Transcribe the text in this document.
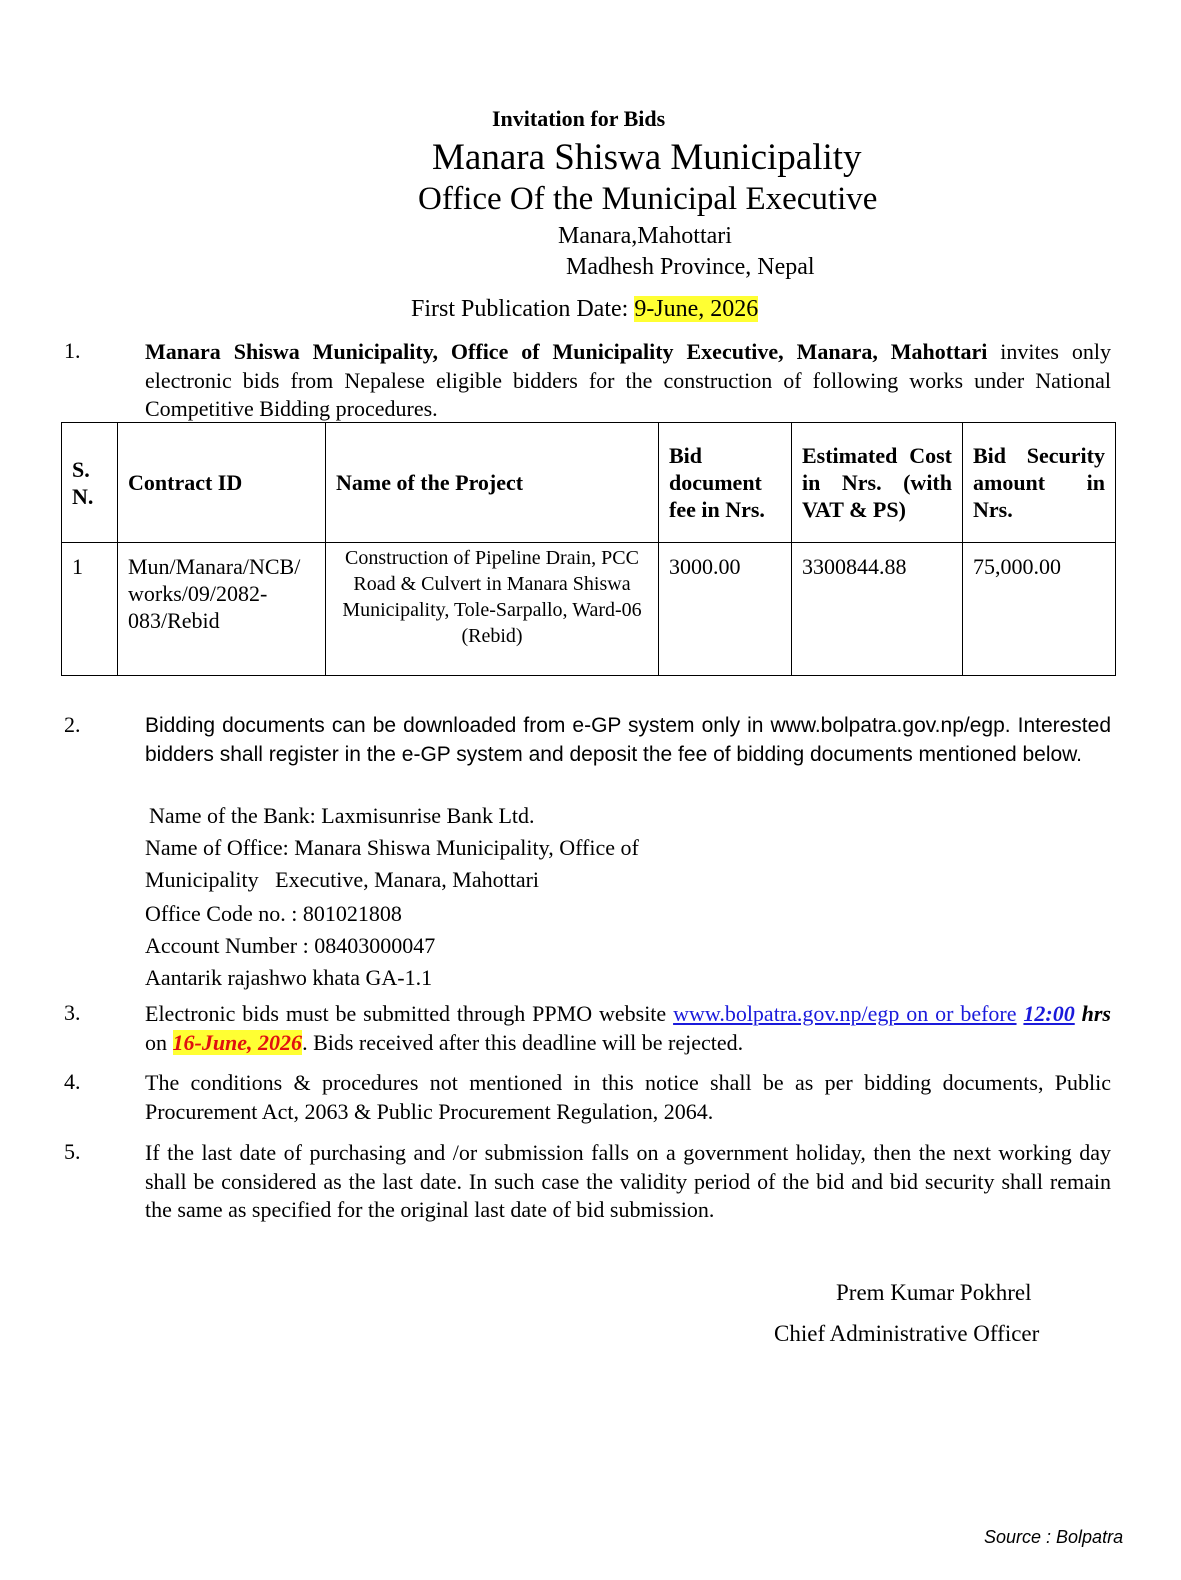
Invitation for Bids
Manara Shiswa Municipality
Office Of the Municipal Executive
Manara,Mahottari
Madhesh Province, Nepal
First Publication Date: 9-June, 2026
1.	Manara Shiswa Municipality, Office of Municipality Executive, Manara, Mahottari invites only electronic bids from Nepalese eligible bidders for the construction of following works under National Competitive Bidding procedures.
S. N.	Contract ID	Name of the Project	Bid document fee in Nrs.	Estimated Cost in Nrs. (with VAT & PS)	Bid Security amount in Nrs.
1	Mun/Manara/NCB/ works/09/2082-083/Rebid	Construction of Pipeline Drain, PCC Road & Culvert in Manara Shiswa Municipality, Tole-Sarpallo, Ward-06 (Rebid)	3000.00	3300844.88	75,000.00
2.	Bidding documents can be downloaded from e-GP system only in www.bolpatra.gov.np/egp. Interested bidders shall register in the e-GP system and deposit the fee of bidding documents mentioned below.
Name of the Bank: Laxmisunrise Bank Ltd.
Name of Office: Manara Shiswa Municipality, Office of
Municipality   Executive, Manara, Mahottari
Office Code no. : 801021808
Account Number : 08403000047
Aantarik rajashwo khata GA-1.1
3.	Electronic bids must be submitted through PPMO website www.bolpatra.gov.np/egp on or before 12:00 hrs on 16-June, 2026. Bids received after this deadline will be rejected.
4.	The conditions & procedures not mentioned in this notice shall be as per bidding documents, Public Procurement Act, 2063 & Public Procurement Regulation, 2064.
5.	If the last date of purchasing and /or submission falls on a government holiday, then the next working day shall be considered as the last date. In such case the validity period of the bid and bid security shall remain the same as specified for the original last date of bid submission.
Prem Kumar Pokhrel
Chief Administrative Officer
Source : Bolpatra
